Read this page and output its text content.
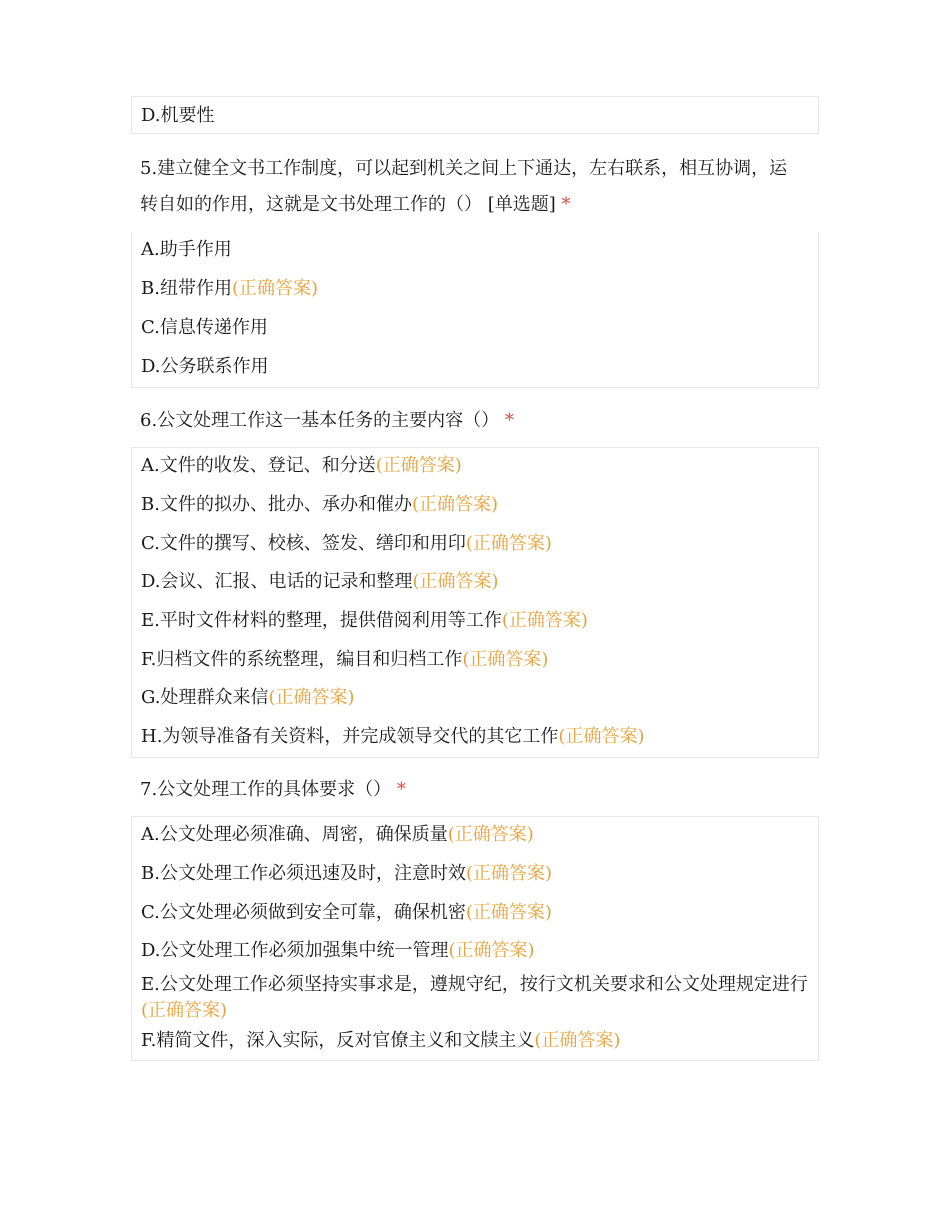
D.机要性
5.建立健全文书工作制度，可以起到机关之间上下通达，左右联系，相互协调，运
转自如的作用，这就是文书处理工作的（） [单选题] *
A.助手作用
B.纽带作用(正确答案)
C.信息传递作用
D.公务联系作用
6.公文处理工作这一基本任务的主要内容（） *
A.文件的收发、登记、和分送(正确答案)
B.文件的拟办、批办、承办和催办(正确答案)
C.文件的撰写、校核、签发、缮印和用印(正确答案)
D.会议、汇报、电话的记录和整理(正确答案)
E.平时文件材料的整理，提供借阅利用等工作(正确答案)
F.归档文件的系统整理，编目和归档工作(正确答案)
G.处理群众来信(正确答案)
H.为领导准备有关资料，并完成领导交代的其它工作(正确答案)
7.公文处理工作的具体要求（） *
A.公文处理必须准确、周密，确保质量(正确答案)
B.公文处理工作必须迅速及时，注意时效(正确答案)
C.公文处理必须做到安全可靠，确保机密(正确答案)
D.公文处理工作必须加强集中统一管理(正确答案)
E.公文处理工作必须坚持实事求是，遵规守纪，按行文机关要求和公文处理规定进行(正确答案)
F.精简文件，深入实际，反对官僚主义和文牍主义(正确答案)
